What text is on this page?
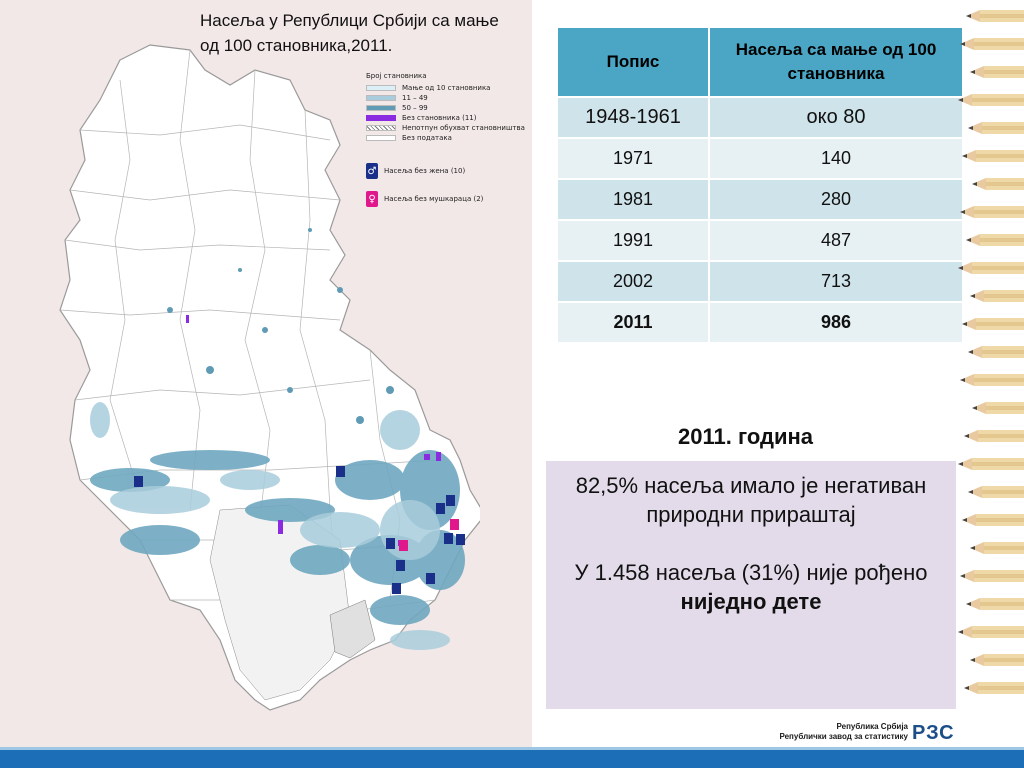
Насеља у Републици Србији са мање од 100 становника,2011.
Број становника
Мање од 10 становника
11 – 49
50 – 99
Без становника (11)
Непотпун обухват становништва
Без података
♂ Насеља без жена (10)
♀	Насеља без мушкараца (2)
Попис	Насеља са мање од 100 становника
1948-1961	око 80
1971	140
1981	280
1991	487
2002	713
2011	986
2011. година

82,5% насеља имало је негативан природни прираштај

У 1.458 насеља (31%) није рођено ниједно дете

Република Србија
Републички завод за статистику РЗС
